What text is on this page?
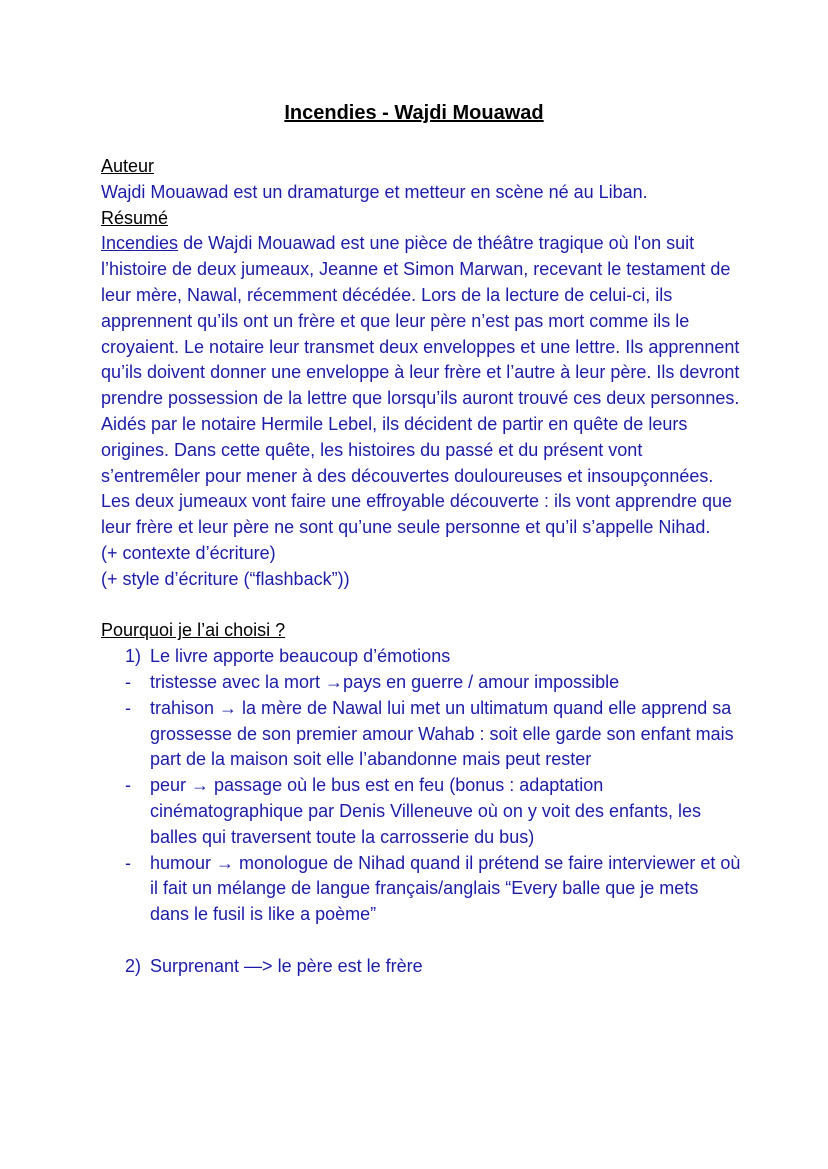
Incendies - Wajdi Mouawad

Auteur

Wajdi Mouawad est un dramaturge et metteur en scène né au Liban.

Résumé

Incendies de Wajdi Mouawad est une pièce de théâtre tragique où l'on suit l’histoire de deux jumeaux, Jeanne et Simon Marwan, recevant le testament de leur mère, Nawal, récemment décédée. Lors de la lecture de celui-ci, ils apprennent qu’ils ont un frère et que leur père n’est pas mort comme ils le croyaient. Le notaire leur transmet deux enveloppes et une lettre. Ils apprennent qu’ils doivent donner une enveloppe à leur frère et l’autre à leur père. Ils devront prendre possession de la lettre que lorsqu’ils auront trouvé ces deux personnes. Aidés par le notaire Hermile Lebel, ils décident de partir en quête de leurs origines. Dans cette quête, les histoires du passé et du présent vont s’entremêler pour mener à des découvertes douloureuses et insoupçonnées. Les deux jumeaux vont faire une effroyable découverte : ils vont apprendre que leur frère et leur père ne sont qu’une seule personne et qu’il s’appelle Nihad.

(+ contexte d’écriture)

(+ style d’écriture (“flashback”))

Pourquoi je l’ai choisi ?

1) Le livre apporte beaucoup d’émotions
-	tristesse avec la mort →pays en guerre / amour impossible
-	trahison → la mère de Nawal lui met un ultimatum quand elle apprend sa grossesse de son premier amour Wahab : soit elle garde son enfant mais part de la maison soit elle l’abandonne mais peut rester
-	peur → passage où le bus est en feu (bonus : adaptation cinématographique par Denis Villeneuve où on y voit des enfants, les balles qui traversent toute la carrosserie du bus)
-	humour → monologue de Nihad quand il prétend se faire interviewer et où il fait un mélange de langue français/anglais “Every balle que je mets dans le fusil is like a poème”
2) Surprenant —> le père est le frère
